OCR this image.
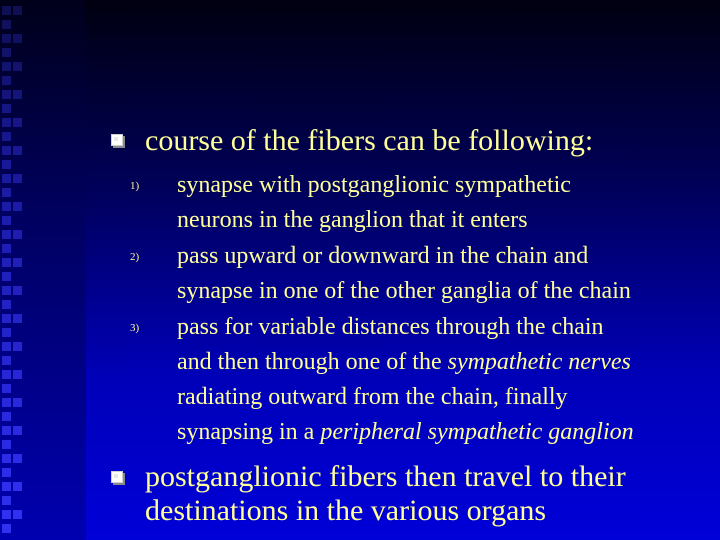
course of the fibers can be following:
1) synapse with postganglionic sympathetic
neurons in the ganglion that it enters
2) pass upward or downward in the chain and
synapse in one of the other ganglia of the chain
3) pass for variable distances through the chain
and then through one of the sympathetic nerves
radiating outward from the chain, finally
synapsing in a peripheral sympathetic ganglion
postganglionic fibers then travel to their
destinations in the various organs
